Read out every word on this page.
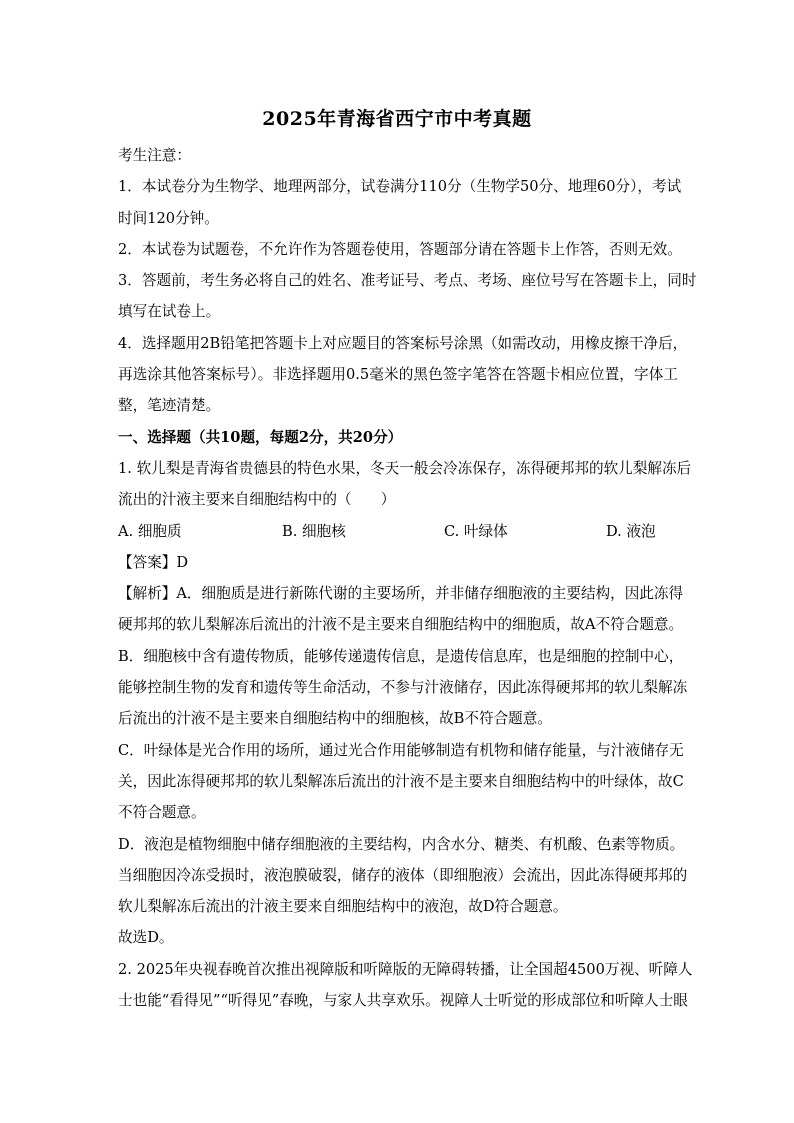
2025年青海省西宁市中考真题
考生注意：
1．本试卷分为生物学、地理两部分，试卷满分110分（生物学50分、地理60分），考试
时间120分钟。
2．本试卷为试题卷，不允许作为答题卷使用，答题部分请在答题卡上作答，否则无效。
3．答题前，考生务必将自己的姓名、准考证号、考点、考场、座位号写在答题卡上，同时
填写在试卷上。
4．选择题用2B铅笔把答题卡上对应题目的答案标号涂黑（如需改动，用橡皮擦干净后，
再选涂其他答案标号）。非选择题用0.5毫米的黑色签字笔答在答题卡相应位置，字体工
整，笔迹清楚。
一、选择题（共10题，每题2分，共20分）
1. 软儿梨是青海省贵德县的特色水果，冬天一般会冷冻保存，冻得硬邦邦的软儿梨解冻后
流出的汁液主要来自细胞结构中的（　　）
A. 细胞质	B. 细胞核	C. 叶绿体	D. 液泡
【答案】D
【解析】A．细胞质是进行新陈代谢的主要场所，并非储存细胞液的主要结构，因此冻得
硬邦邦的软儿梨解冻后流出的汁液不是主要来自细胞结构中的细胞质，故A不符合题意。
B．细胞核中含有遗传物质，能够传递遗传信息，是遗传信息库，也是细胞的控制中心，
能够控制生物的发育和遗传等生命活动，不参与汁液储存，因此冻得硬邦邦的软儿梨解冻
后流出的汁液不是主要来自细胞结构中的细胞核，故B不符合题意。
C．叶绿体是光合作用的场所，通过光合作用能够制造有机物和储存能量，与汁液储存无
关，因此冻得硬邦邦的软儿梨解冻后流出的汁液不是主要来自细胞结构中的叶绿体，故C
不符合题意。
D．液泡是植物细胞中储存细胞液的主要结构，内含水分、糖类、有机酸、色素等物质。
当细胞因冷冻受损时，液泡膜破裂，储存的液体（即细胞液）会流出，因此冻得硬邦邦的
软儿梨解冻后流出的汁液主要来自细胞结构中的液泡，故D符合题意。
故选D。
2. 2025年央视春晚首次推出视障版和听障版的无障碍转播，让全国超4500万视、听障人
士也能“看得见”“听得见”春晚，与家人共享欢乐。视障人士听觉的形成部位和听障人士眼
